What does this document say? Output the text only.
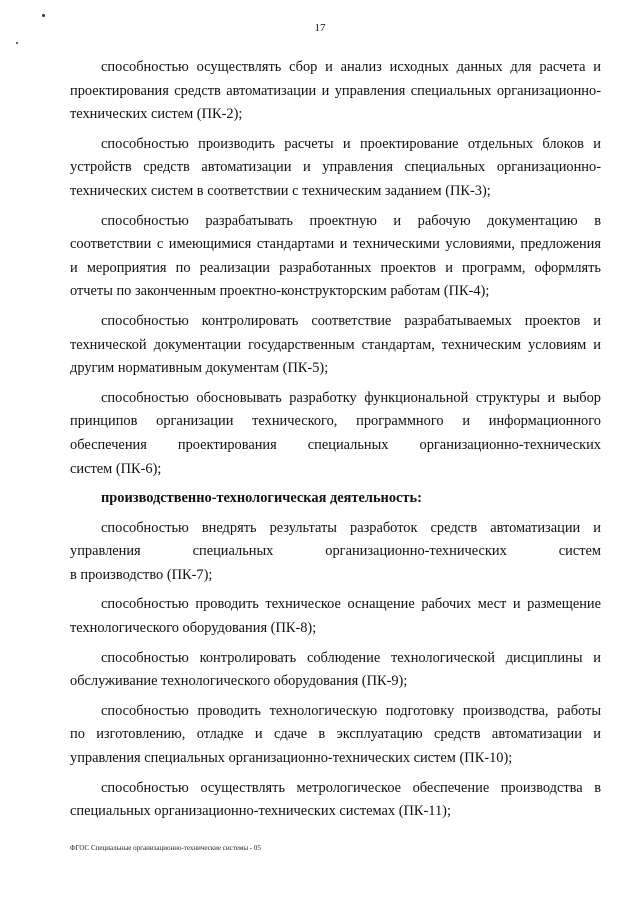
17
способностью осуществлять сбор и анализ исходных данных для расчета и
проектирования средств автоматизации и управления специальных организационно-
технических систем (ПК-2);
способностью производить расчеты и проектирование отдельных блоков и
устройств средств автоматизации и управления специальных организационно-
технических систем в соответствии с техническим заданием (ПК-3);
способностью разрабатывать проектную и рабочую документацию в
соответствии с имеющимися стандартами и техническими условиями, предложения
и мероприятия по реализации разработанных проектов и программ, оформлять
отчеты по законченным проектно-конструкторским работам (ПК-4);
способностью контролировать соответствие разрабатываемых проектов и
технической документации государственным стандартам, техническим условиям и
другим нормативным документам (ПК-5);
способностью обосновывать разработку функциональной структуры и выбор
принципов организации технического, программного и информационного
обеспечения проектирования специальных организационно-технических
систем (ПК-6);
производственно-технологическая деятельность:
способностью внедрять результаты разработок средств автоматизации и
управления специальных организационно-технических систем
в производство (ПК-7);
способностью проводить техническое оснащение рабочих мест и размещение
технологического оборудования (ПК-8);
способностью контролировать соблюдение технологической дисциплины и
обслуживание технологического оборудования (ПК-9);
способностью проводить технологическую подготовку производства, работы
по изготовлению, отладке и сдаче в эксплуатацию средств автоматизации и
управления специальных организационно-технических систем (ПК-10);
способностью осуществлять метрологическое обеспечение производства в
специальных организационно-технических системах (ПК-11);
ФГОС Специальные организационно-технические системы - 05
